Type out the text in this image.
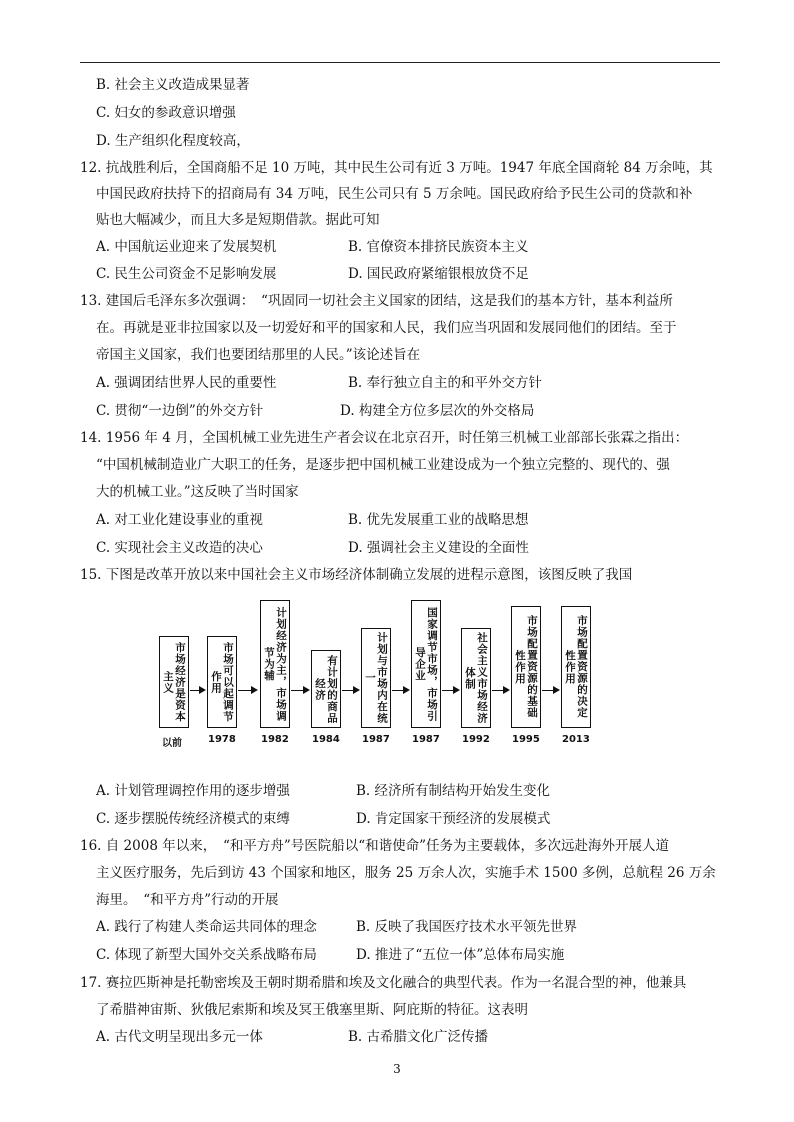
B. 社会主义改造成果显著
C. 妇女的参政意识增强
D. 生产组织化程度较高，
12. 抗战胜利后，全国商船不足 10 万吨，其中民生公司有近 3 万吨。1947 年底全国商轮 84 万余吨，其
中国民政府扶持下的招商局有 34 万吨，民生公司只有 5 万余吨。国民政府给予民生公司的贷款和补
贴也大幅减少，而且大多是短期借款。据此可知
A. 中国航运业迎来了发展契机	B. 官僚资本排挤民族资本主义
C. 民生公司资金不足影响发展	D. 国民政府紧缩银根放贷不足
13. 建国后毛泽东多次强调：　“巩固同一切社会主义国家的团结，这是我们的基本方针，基本利益所
在。再就是亚非拉国家以及一切爱好和平的国家和人民，我们应当巩固和发展同他们的团结。至于
帝国主义国家，我们也要团结那里的人民。”该论述旨在
A. 强调团结世界人民的重要性	B. 奉行独立自主的和平外交方针
C. 贯彻“一边倒”的外交方针	D. 构建全方位多层次的外交格局
14. 1956 年 4 月，全国机械工业先进生产者会议在北京召开，时任第三机械工业部部长张霖之指出：
“中国机械制造业广大职工的任务，是逐步把中国机械工业建设成为一个独立完整的、现代的、强
大的机械工业。”这反映了当时国家
A. 对工业化建设事业的重视	B. 优先发展重工业的战略思想
C. 实现社会主义改造的决心	D. 强调社会主义建设的全面性
15. 下图是改革开放以来中国社会主义市场经济体制确立发展的进程示意图，该图反映了我国
市场经济是资本主义	市场可以起调节作用	计划经济为主，市场调节为辅	有计划的商品经济	计划与市场内在统一	国家调节市场，市场引导企业	社会主义市场经济体制	市场配置资源的基础性作用	市场配置资源的决定性作用
以前	1978	1982 1984 1987 1987 1992 1995 2013
A. 计划管理调控作用的逐步增强	B. 经济所有制结构开始发生变化
C. 逐步摆脱传统经济模式的束缚	D. 肯定国家干预经济的发展模式
16. 自 2008 年以来，　“和平方舟”号医院船以“和谐使命”任务为主要载体，多次远赴海外开展人道
主义医疗服务，先后到访 43 个国家和地区，服务 25 万余人次，实施手术 1500 多例，总航程 26 万余
海里。　“和平方舟”行动的开展
A. 践行了构建人类命运共同体的理念	B. 反映了我国医疗技术水平领先世界
C. 体现了新型大国外交关系战略布局	D. 推进了“五位一体”总体布局实施
17. 赛拉匹斯神是托勒密埃及王朝时期希腊和埃及文化融合的典型代表。作为一名混合型的神，他兼具
了希腊神宙斯、狄俄尼索斯和埃及冥王俄塞里斯、阿庇斯的特征。这表明
A. 古代文明呈现出多元一体	B. 古希腊文化广泛传播
3
